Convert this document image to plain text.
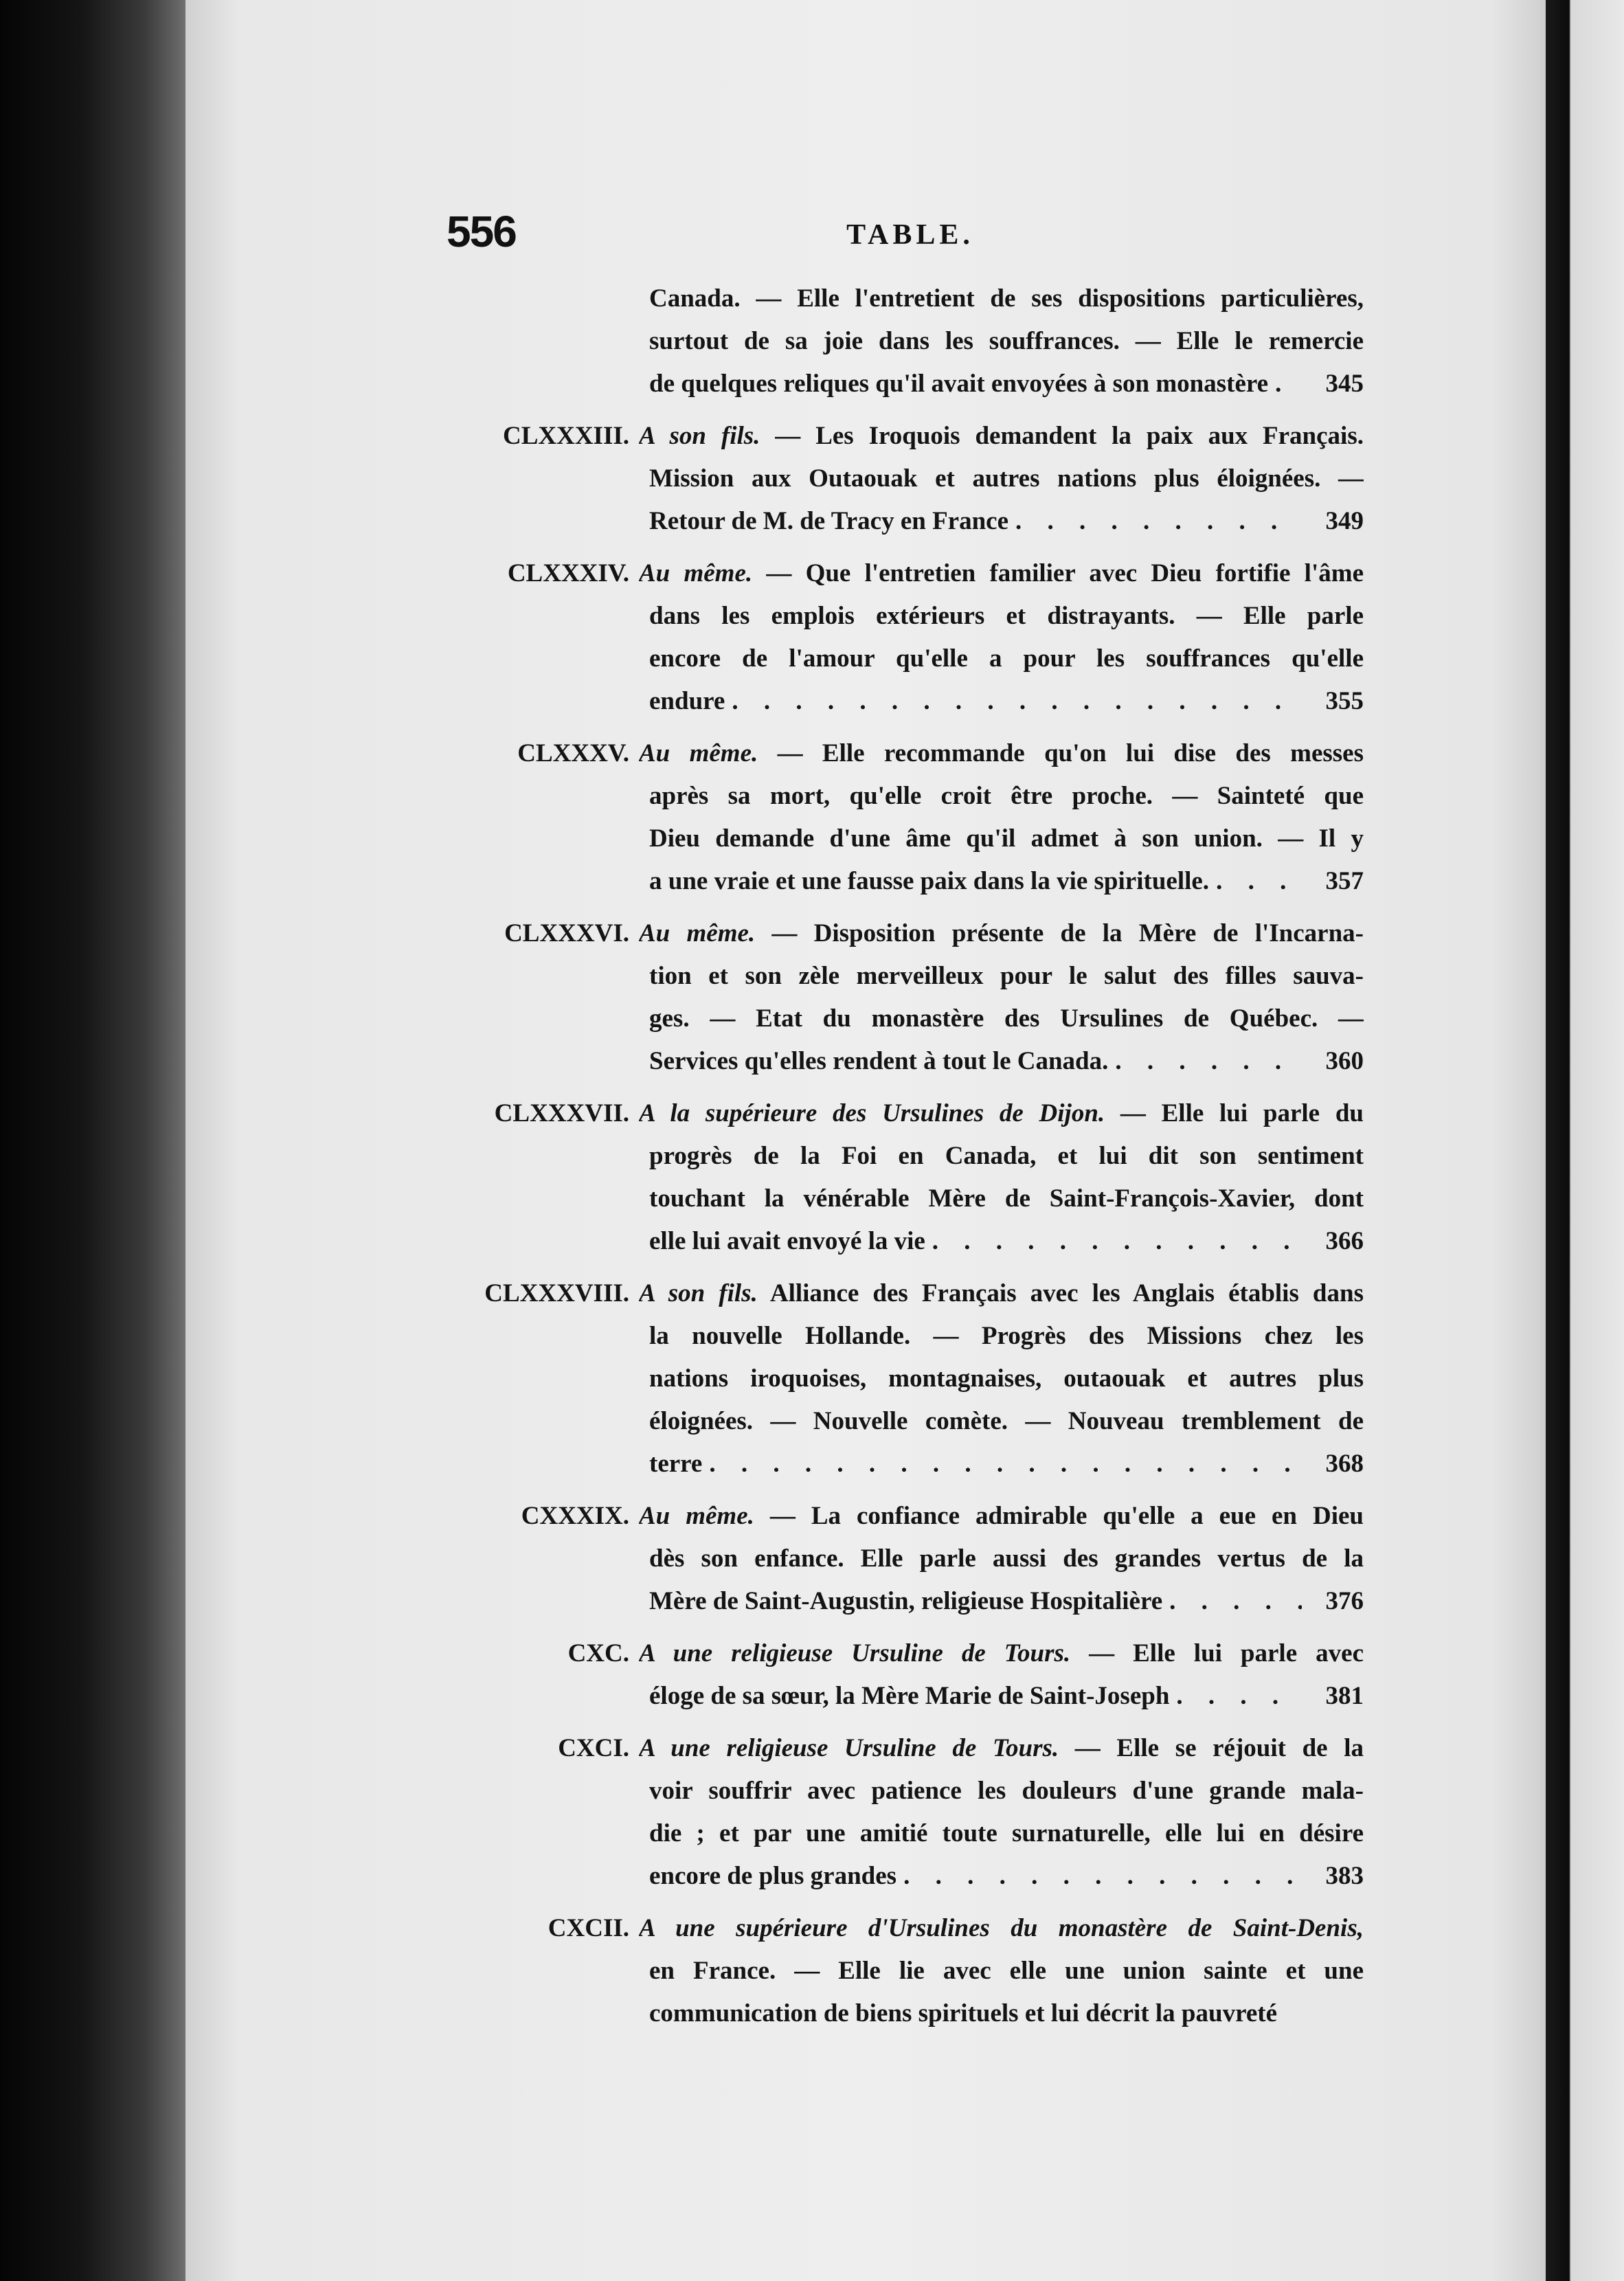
556	TABLE.
Canada. — Elle l'entretient de ses dispositions particulières,
surtout de sa joie dans les souffrances. — Elle le remercie
de quelques reliques qu'il avait envoyées à son monastère . . .	345
CLXXXIII. A son fils. — Les Iroquois demandent la paix aux Français.
Mission aux Outaouak et autres nations plus éloignées. —
Retour de M. de Tracy en France . . .	349
CLXXXIV. Au même. — Que l'entretien familier avec Dieu fortifie l'âme
dans les emplois extérieurs et distrayants. — Elle parle
encore de l'amour qu'elle a pour les souffrances qu'elle
endure . . .	355
CLXXXV. Au même. — Elle recommande qu'on lui dise des messes
après sa mort, qu'elle croit être proche. — Sainteté que
Dieu demande d'une âme qu'il admet à son union. — Il y
a une vraie et une fausse paix dans la vie spirituelle. . . .	357
CLXXXVI. Au même. — Disposition présente de la Mère de l'Incarna-
tion et son zèle merveilleux pour le salut des filles sauva-
ges. — Etat du monastère des Ursulines de Québec. —
Services qu'elles rendent à tout le Canada. . . .	360
CLXXXVII. A la supérieure des Ursulines de Dijon. — Elle lui parle du
progrès de la Foi en Canada, et lui dit son sentiment
touchant la vénérable Mère de Saint-François-Xavier, dont
elle lui avait envoyé la vie . . .	366
CLXXXVIII. A son fils. Alliance des Français avec les Anglais établis dans
la nouvelle Hollande. — Progrès des Missions chez les
nations iroquoises, montagnaises, outaouak et autres plus
éloignées. — Nouvelle comète. — Nouveau tremblement de
terre . . .	368
CXXXIX. Au même. — La confiance admirable qu'elle a eue en Dieu
dès son enfance. Elle parle aussi des grandes vertus de la
Mère de Saint-Augustin, religieuse Hospitalière . . .	376
CXC. A une religieuse Ursuline de Tours. — Elle lui parle avec
éloge de sa sœur, la Mère Marie de Saint-Joseph . . .	381
CXCI. A une religieuse Ursuline de Tours. — Elle se réjouit de la
voir souffrir avec patience les douleurs d'une grande mala-
die ; et par une amitié toute surnaturelle, elle lui en désire
encore de plus grandes . . .	383
CXCII. A une supérieure d'Ursulines du monastère de Saint-Denis,
en France. — Elle lie avec elle une union sainte et une
communication de biens spirituels et lui décrit la pauvreté
